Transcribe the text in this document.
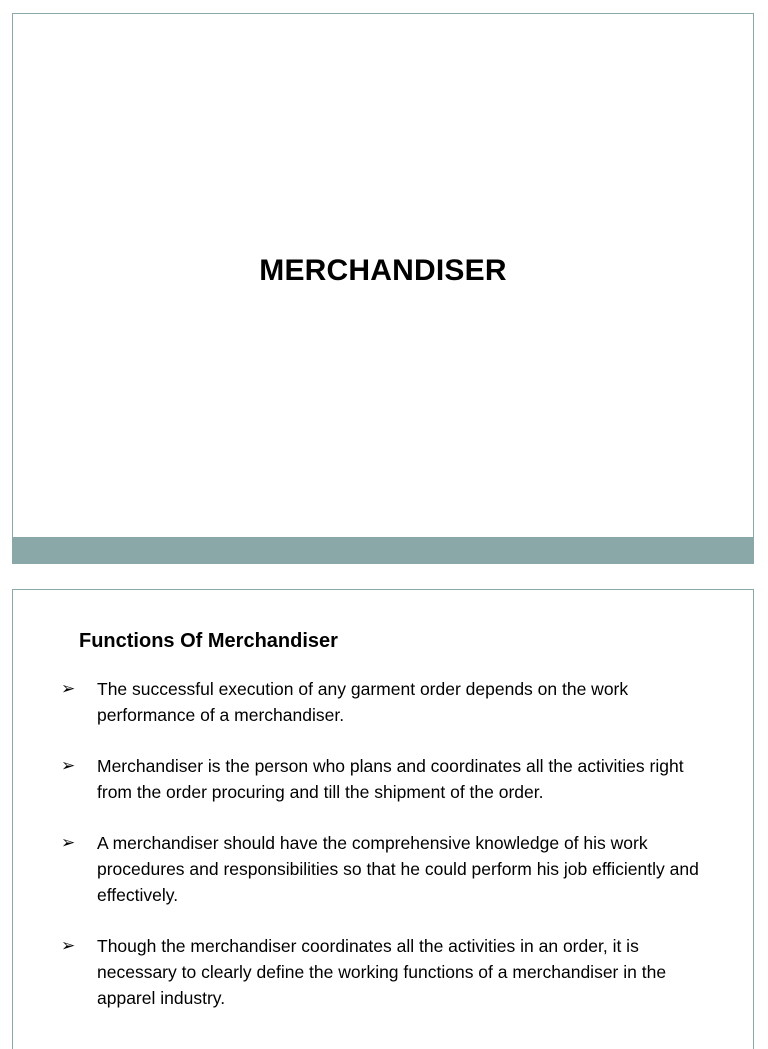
MERCHANDISER
Functions Of Merchandiser
➢ The successful execution of any garment order depends on the work performance of a merchandiser.
➢ Merchandiser is the person who plans and coordinates all the activities right from the order procuring and till the shipment of the order.
➢ A merchandiser should have the comprehensive knowledge of his work procedures and responsibilities so that he could perform his job efficiently and effectively.
➢ Though the merchandiser coordinates all the activities in an order, it is necessary to clearly define the working functions of a merchandiser in the apparel industry.
